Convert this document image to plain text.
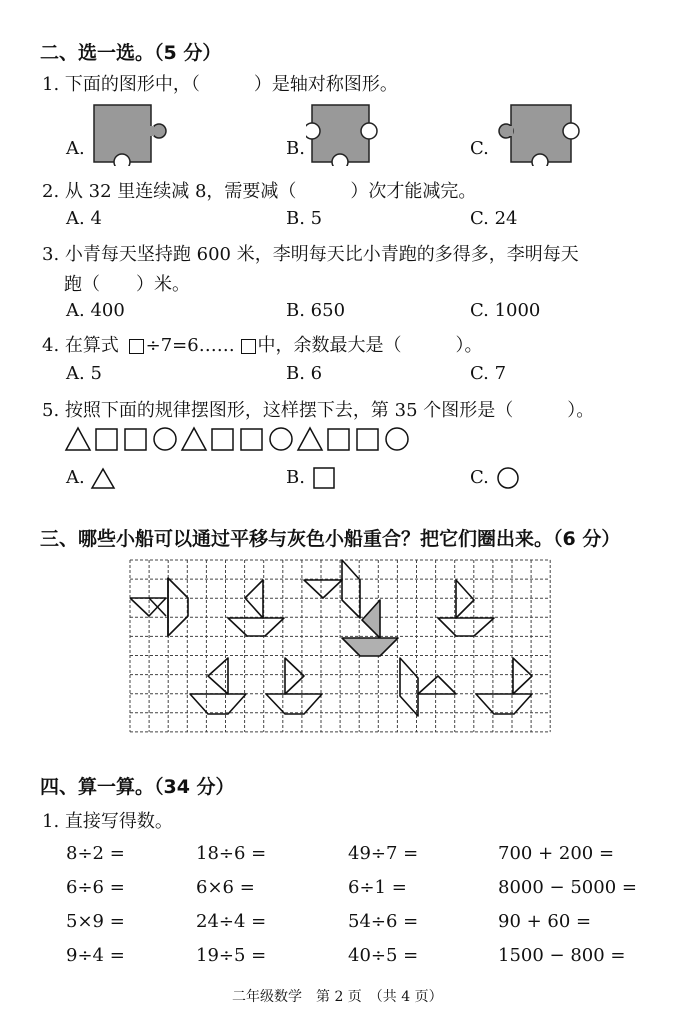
二、选一选。（5 分）
1. 下面的图形中，（　　　）是轴对称图形。
A.	B.	C.
2. 从 32 里连续减 8，需要减（　　　）次才能减完。
A. 4	B. 5	C. 24
3. 小青每天坚持跑 600 米，李明每天比小青跑的多得多，李明每天
跑（　　）米。
A. 400	B. 650	C. 1000
4. 在算式 ÷7=6…… 中，余数最大是（　　　）。
A. 5	B. 6	C. 7
5. 按照下面的规律摆图形，这样摆下去，第 35 个图形是（　　　）。
A.	B.	C.
三、哪些小船可以通过平移与灰色小船重合？把它们圈出来。（6 分）
四、算一算。（34 分）
1. 直接写得数。
8÷2 =	18÷6 =	49÷7 =	700 + 200 =
6÷6 =	6×6 =	6÷1 =	8000 − 5000 =
5×9 =	24÷4 =	54÷6 =	90 + 60 =
9÷4 =	19÷5 =	40÷5 =	1500 − 800 =
二年级数学　第 2 页　（共 4 页）
